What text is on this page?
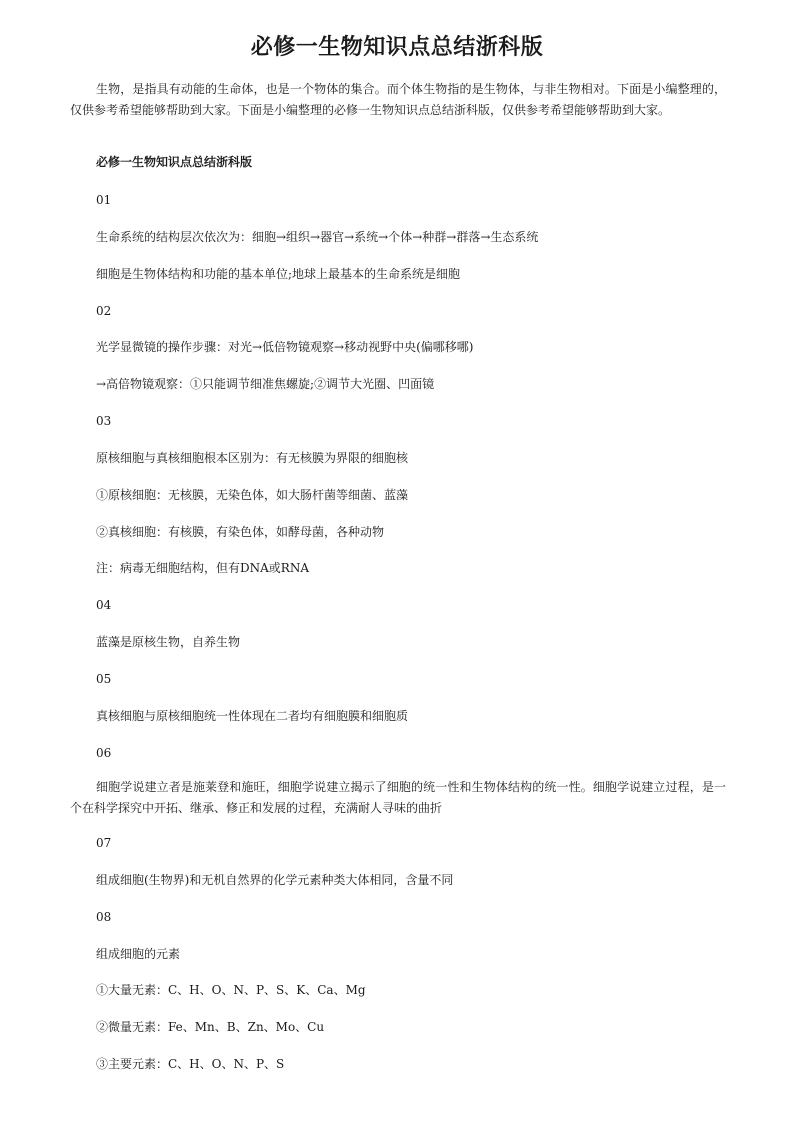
必修一生物知识点总结浙科版
生物，是指具有动能的生命体，也是一个物体的集合。而个体生物指的是生物体，与非生物相对。下面是小编整理的，仅供参考希望能够帮助到大家。下面是小编整理的必修一生物知识点总结浙科版，仅供参考希望能够帮助到大家。
必修一生物知识点总结浙科版
01
生命系统的结构层次依次为：细胞→组织→器官→系统→个体→种群→群落→生态系统
细胞是生物体结构和功能的基本单位;地球上最基本的生命系统是细胞
02
光学显微镜的操作步骤：对光→低倍物镜观察→移动视野中央(偏哪移哪)
→高倍物镜观察：①只能调节细准焦螺旋;②调节大光圈、凹面镜
03
原核细胞与真核细胞根本区别为：有无核膜为界限的细胞核
①原核细胞：无核膜，无染色体，如大肠杆菌等细菌、蓝藻
②真核细胞：有核膜，有染色体，如酵母菌，各种动物
注：病毒无细胞结构，但有DNA或RNA
04
蓝藻是原核生物，自养生物
05
真核细胞与原核细胞统一性体现在二者均有细胞膜和细胞质
06
细胞学说建立者是施莱登和施旺，细胞学说建立揭示了细胞的统一性和生物体结构的统一性。细胞学说建立过程，是一个在科学探究中开拓、继承、修正和发展的过程，充满耐人寻味的曲折
07
组成细胞(生物界)和无机自然界的化学元素种类大体相同，含量不同
08
组成细胞的元素
①大量无素：C、H、O、N、P、S、K、Ca、Mg
②微量无素：Fe、Mn、B、Zn、Mo、Cu
③主要元素：C、H、O、N、P、S
